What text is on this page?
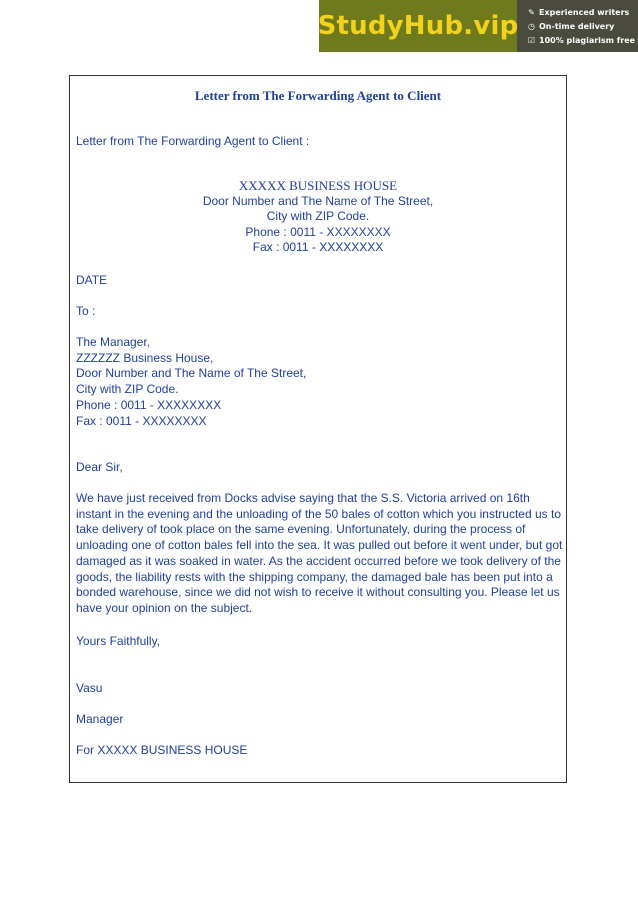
StudyHub.vip ✎ Experienced writers
◷ On-time delivery
☑ 100% plagiarism free
Letter from The Forwarding Agent to Client
Letter from The Forwarding Agent to Client :
XXXXX BUSINESS HOUSE
Door Number and The Name of The Street,
City with ZIP Code.
Phone : 0011 - XXXXXXXX
Fax : 0011 - XXXXXXXX
DATE
To :
The Manager,
ZZZZZZ Business House,
Door Number and The Name of The Street,
City with ZIP Code.
Phone : 0011 - XXXXXXXX
Fax : 0011 - XXXXXXXX
Dear Sir,
We have just received from Docks advise saying that the S.S. Victoria arrived on 16th instant in the evening and the unloading of the 50 bales of cotton which you instructed us to take delivery of took place on the same evening. Unfortunately, during the process of unloading one of cotton bales fell into the sea. It was pulled out before it went under, but got damaged as it was soaked in water. As the accident occurred before we took delivery of the goods, the liability rests with the shipping company, the damaged bale has been put into a bonded warehouse, since we did not wish to receive it without consulting you. Please let us have your opinion on the subject.
Yours Faithfully,
Vasu
Manager
For XXXXX BUSINESS HOUSE
